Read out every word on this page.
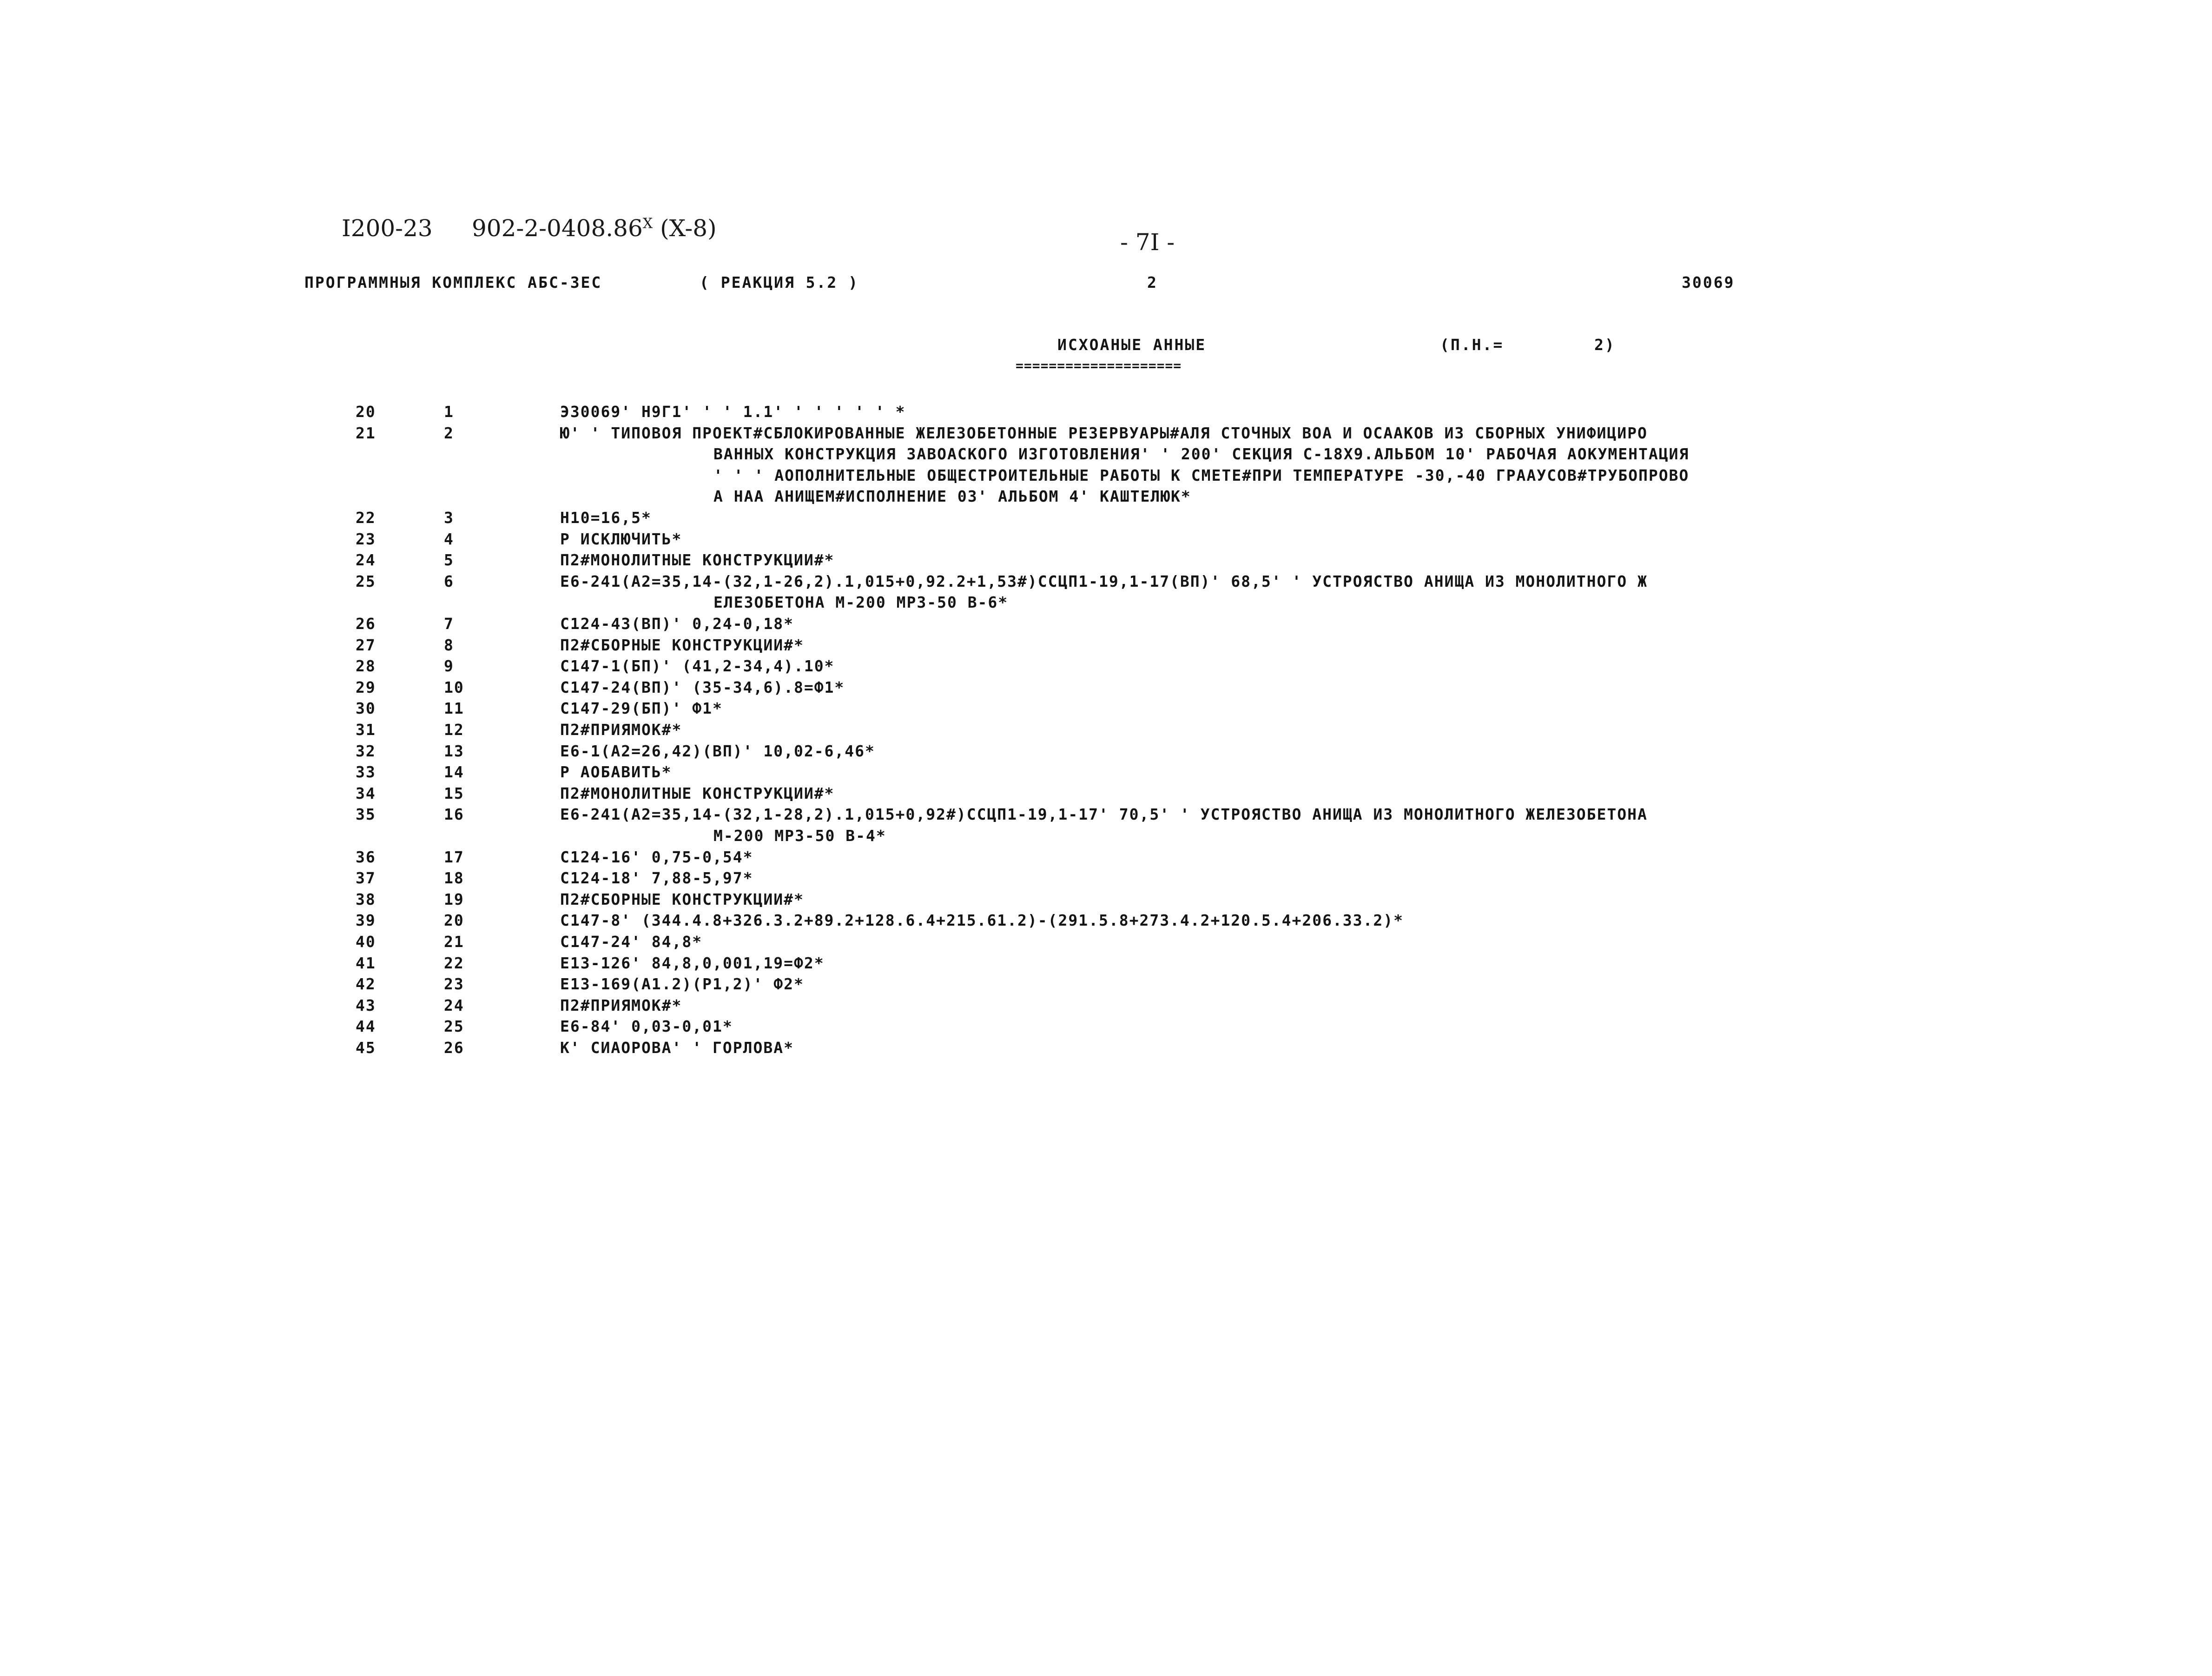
I200-23 $902-2-0408.86^X$ (X-8)
- 7I -
ПРОГРАММНЫЯ КОМПЛЕКС АБС-3ЕС	( РЕАКЦИЯ 5.2 )	2	30069
ИСХОАНЫЕ АННЫЕ	(П.Н.=	2)
====================
20	1	Э30069' Н9Г1' ' ' 1.1' ' ' ' ' ' *
21	2	Ю' ' ТИПОВОЯ ПРОЕКТ#СБЛОКИРОВАННЫЕ ЖЕЛЕЗОБЕТОННЫЕ РЕЗЕРВУАРЫ#АЛЯ СТОЧНЫХ ВОА И ОСААКОВ ИЗ СБОРНЫХ УНИФИЦИРО
ВАННЫХ КОНСТРУКЦИЯ ЗАВОАСКОГО ИЗГОТОВЛЕНИЯ' ' 200' СЕКЦИЯ С-18Х9.АЛЬБОМ 10' РАБОЧАЯ АОКУМЕНТАЦИЯ
' ' ' АОПОЛНИТЕЛЬНЫЕ ОБЩЕСТРОИТЕЛЬНЫЕ РАБОТЫ К СМЕТЕ#ПРИ ТЕМПЕРАТУРЕ -30,-40 ГРААУСОВ#ТРУБОПРОВО
А НАА АНИЩЕМ#ИСПОЛНЕНИЕ 03' АЛЬБОМ 4' КАШТЕЛЮК*
22	3	Н10=16,5*
23	4	Р ИСКЛЮЧИТЬ*
24	5	П2#МОНОЛИТНЫЕ КОНСТРУКЦИИ#*
25	6	Е6-241(А2=35,14-(32,1-26,2).1,015+0,92.2+1,53#)ССЦП1-19,1-17(ВП)' 68,5' ' УСТРОЯСТВО АНИЩА ИЗ МОНОЛИТНОГО Ж
ЕЛЕЗОБЕТОНА М-200 МРЗ-50 В-6*
26	7	С124-43(ВП)' 0,24-0,18*
27	8	П2#СБОРНЫЕ КОНСТРУКЦИИ#*
28	9	С147-1(БП)' (41,2-34,4).10*
29	10	С147-24(ВП)' (35-34,6).8=Ф1*
30	11	С147-29(БП)' Ф1*
31	12	П2#ПРИЯМОК#*
32	13	Е6-1(А2=26,42)(ВП)' 10,02-6,46*
33	14	Р АОБАВИТЬ*
34	15	П2#МОНОЛИТНЫЕ КОНСТРУКЦИИ#*
35	16	Е6-241(А2=35,14-(32,1-28,2).1,015+0,92#)ССЦП1-19,1-17' 70,5' ' УСТРОЯСТВО АНИЩА ИЗ МОНОЛИТНОГО ЖЕЛЕЗОБЕТОНА
М-200 МРЗ-50 В-4*
36	17	С124-16' 0,75-0,54*
37	18	С124-18' 7,88-5,97*
38	19	П2#СБОРНЫЕ КОНСТРУКЦИИ#*
39	20	С147-8' (344.4.8+326.3.2+89.2+128.6.4+215.61.2)-(291.5.8+273.4.2+120.5.4+206.33.2)*
40	21	С147-24' 84,8*
41	22	Е13-126' 84,8,0,001,19=Ф2*
42	23	Е13-169(А1.2)(Р1,2)' Ф2*
43	24	П2#ПРИЯМОК#*
44	25	Е6-84' 0,03-0,01*
45	26	К' СИАОРОВА' ' ГОРЛОВА*
